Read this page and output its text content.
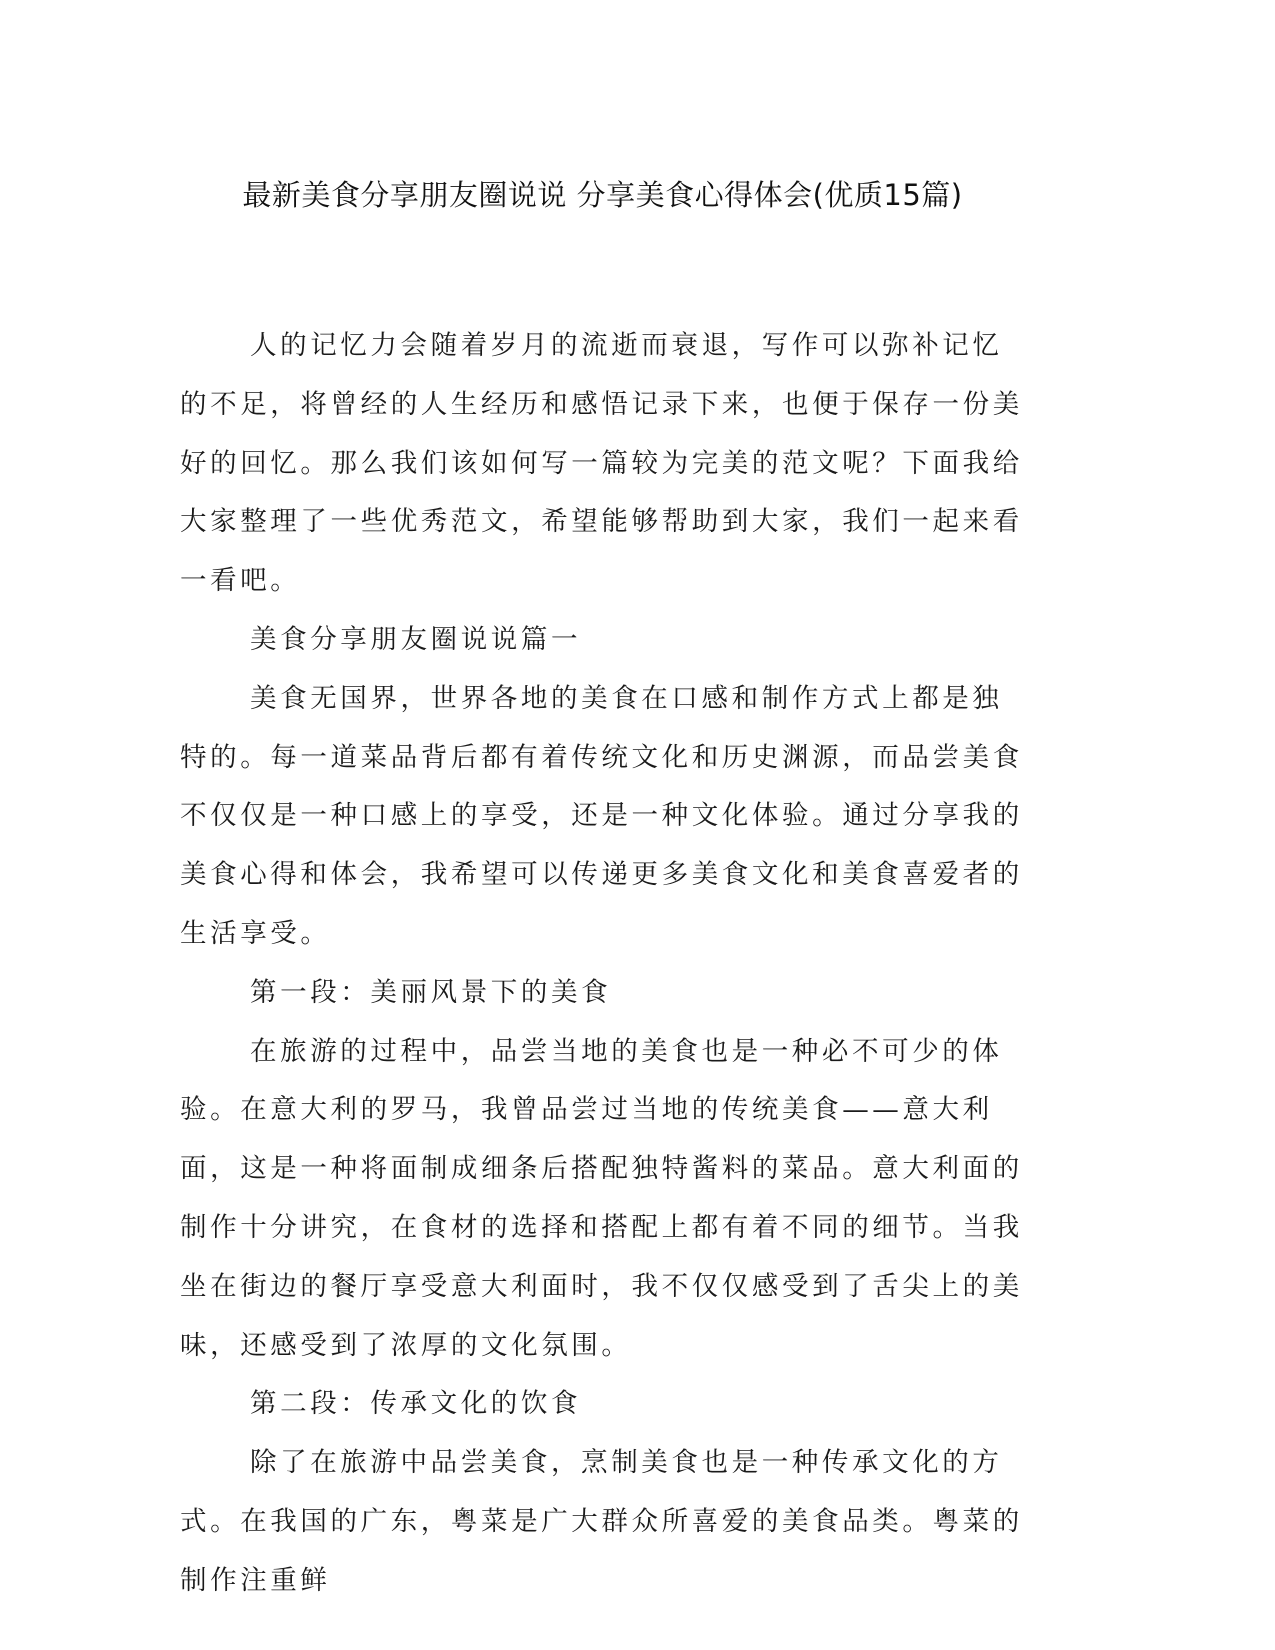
最新美食分享朋友圈说说 分享美食心得体会(优质15篇)

人的记忆力会随着岁月的流逝而衰退，写作可以弥补记忆的不足，将曾经的人生经历和感悟记录下来，也便于保存一份美好的回忆。那么我们该如何写一篇较为完美的范文呢？下面我给大家整理了一些优秀范文，希望能够帮助到大家，我们一起来看一看吧。

美食分享朋友圈说说篇一

美食无国界，世界各地的美食在口感和制作方式上都是独特的。每一道菜品背后都有着传统文化和历史渊源，而品尝美食不仅仅是一种口感上的享受，还是一种文化体验。通过分享我的美食心得和体会，我希望可以传递更多美食文化和美食喜爱者的生活享受。

第一段：美丽风景下的美食

在旅游的过程中，品尝当地的美食也是一种必不可少的体验。在意大利的罗马，我曾品尝过当地的传统美食——意大利面，这是一种将面制成细条后搭配独特酱料的菜品。意大利面的制作十分讲究，在食材的选择和搭配上都有着不同的细节。当我坐在街边的餐厅享受意大利面时，我不仅仅感受到了舌尖上的美味，还感受到了浓厚的文化氛围。

第二段：传承文化的饮食

除了在旅游中品尝美食，烹制美食也是一种传承文化的方式。在我国的广东，粤菜是广大群众所喜爱的美食品类。粤菜的制作注重鲜
